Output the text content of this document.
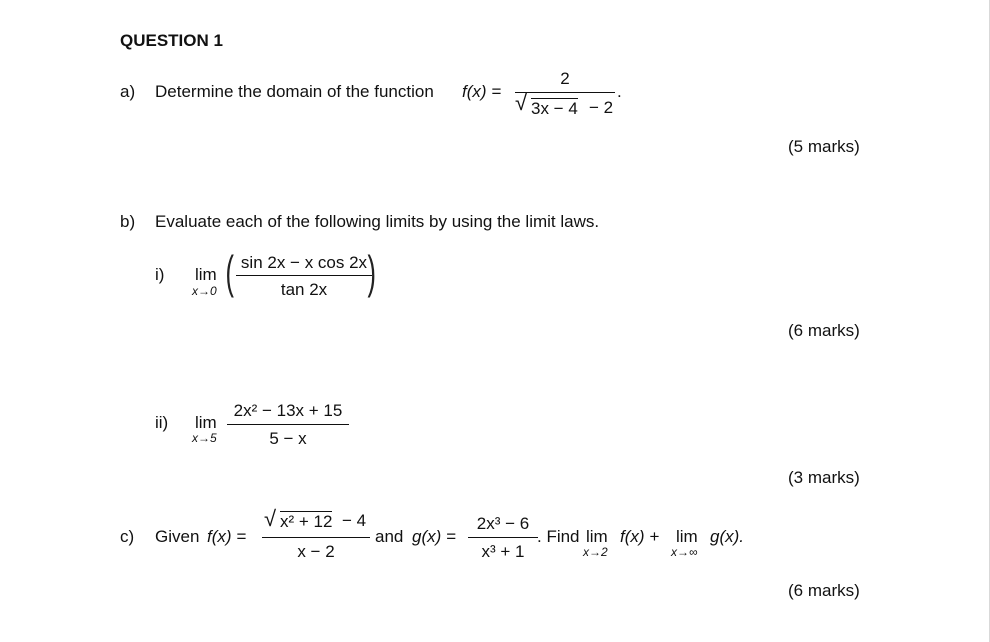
QUESTION 1
a) Determine the domain of the function f(x) =
2
√ 3x − 4 − 2
.
(5 marks)
b) Evaluate each of the following limits by using the limit laws.
i) lim
x→0 ( sin 2x − x cos 2x
tan 2x )
(6 marks)
ii) lim
x→5
2x² − 13x + 15
5 − x
(3 marks)
c) Given f(x) =
√ x² + 12 − 4
x − 2
and g(x) =
2x³ − 6
x³ + 1
. Find lim
x→2
f(x) + lim
x→∞
g(x).
(6 marks)
